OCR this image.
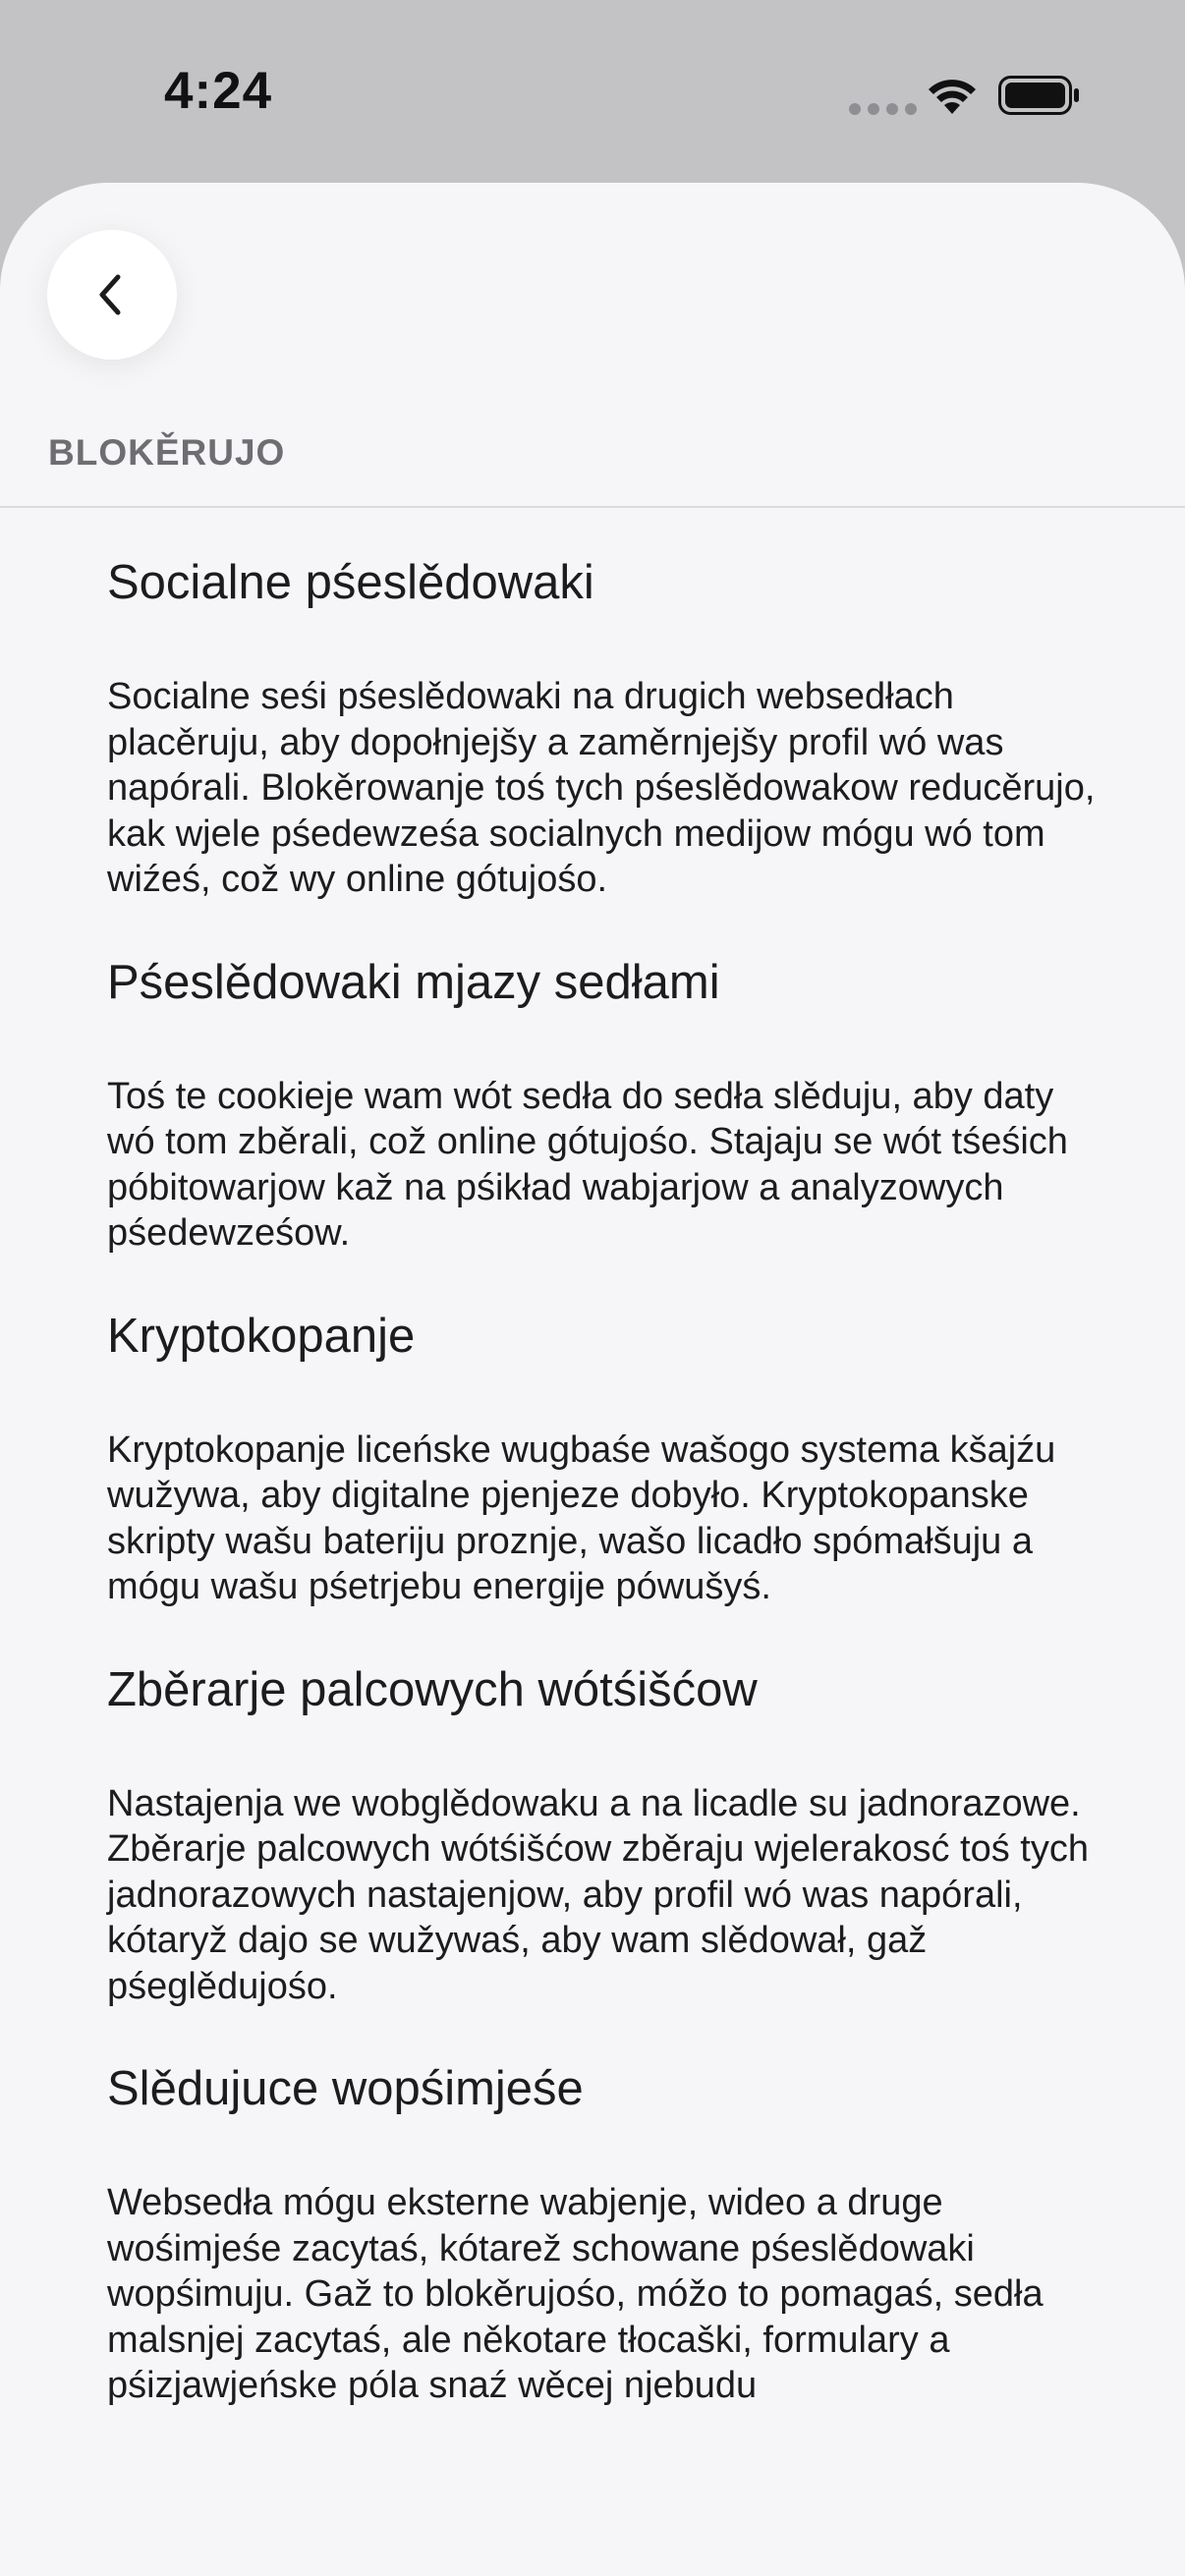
4:24
BLOKĚRUJO
Socialne pśeslědowaki

Socialne seśi pśeslědowaki na drugich websedłach placěruju, aby dopołnjejšy a zaměrnjejšy profil wó was napórali. Blokěrowanje toś tych pśeslědowakow reducěrujo, kak wjele pśedewześa socialnych medijow mógu wó tom wiźeś, což wy online gótujośo.

Pśeslědowaki mjazy sedłami

Toś te cookieje wam wót sedła do sedła slěduju, aby daty wó tom zběrali, což online gótujośo. Stajaju se wót tśeśich póbitowarjow kaž na pśikład wabjarjow a analyzowych pśedewześow.

Kryptokopanje

Kryptokopanje liceńske wugbaśe wašogo systema kšajźu wužywa, aby digitalne pjenjeze dobyło. Kryptokopanske skripty wašu bateriju proznje, wašo licadło spómałšuju a mógu wašu pśetrjebu energije pówušyś.

Zběrarje palcowych wótśišćow

Nastajenja we wobglědowaku a na licadle su jadnorazowe. Zběrarje palcowych wótśišćow zběraju wjelerakosć toś tych jadnorazowych nastajenjow, aby profil wó was napórali, kótaryž dajo se wužywaś, aby wam slědował, gaž pśeglědujośo.

Slědujuce wopśimjeśe

Websedła mógu eksterne wabjenje, wideo a druge wośimjeśe zacytaś, kótarež schowane pśeslědowaki wopśimuju. Gaž to blokěrujośo, móžo to pomagaś, sedła malsnjej zacytaś, ale někotare tłocaški, formulary a pśizjawjeńske póla snaź wěcej njebudu
